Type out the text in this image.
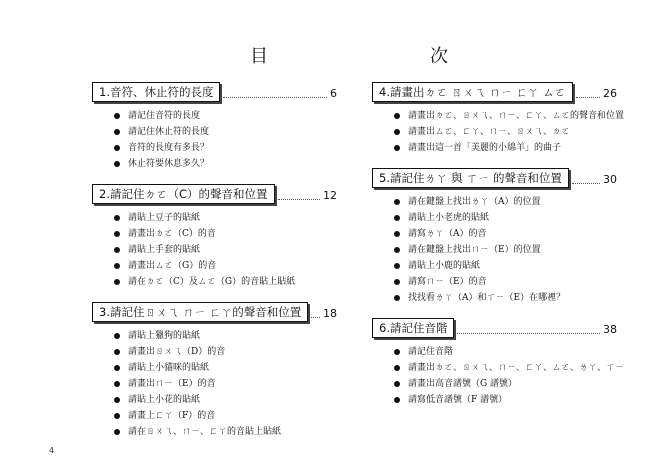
目	次
1.音符、休止符的長度	6
請記住音符的長度
請記住休止符的長度
音符的長度有多長？
休止符要休息多久？
2.請記住ㄉㄛ（C）的聲音和位置	12
請貼上豆子的貼紙
請畫出ㄉㄛ（C）的音
請貼上手套的貼紙
請畫出ㄙㄛ（G）的音
請在ㄉㄛ（C）及ㄙㄛ（G）的音貼上貼紙
3.請記住ㄖㄨㄟ ㄇㄧ ㄈㄚ的聲音和位置	18
請貼上獵狗的貼紙
請畫出ㄖㄨㄟ（D）的音
請貼上小貓咪的貼紙
請畫出ㄇㄧ（E）的音
請貼上小花的貼紙
請畫上ㄈㄚ（F）的音
請在ㄖㄨㄟ、ㄇㄧ、ㄈㄚ的音貼上貼紙
4.請畫出ㄉㄛ ㄖㄨㄟ ㄇㄧ ㄈㄚ ㄙㄛ	26
請畫出ㄉㄛ、ㄖㄨㄟ、ㄇㄧ、ㄈㄚ、ㄙㄛ的聲音和位置
請畫出ㄙㄛ、ㄈㄚ、ㄇㄧ、ㄖㄨㄟ、ㄉㄛ
請畫出這一首「美麗的小綿羊」的曲子
5.請記住ㄌㄚ 與 ㄒㄧ 的聲音和位置	30
請在鍵盤上找出ㄌㄚ（A）的位置
請貼上小老虎的貼紙
請寫ㄌㄚ（A）的音
請在鍵盤上找出ㄇㄧ（E）的位置
請貼上小鹿的貼紙
請寫ㄇㄧ（E）的音
找找看ㄌㄚ（A）和ㄒㄧ（E）在哪裡？
6.請記住音階	38
請記住音階
請畫出ㄉㄛ、ㄖㄨㄟ、ㄇㄧ、ㄈㄚ、ㄙㄛ、ㄌㄚ、ㄒㄧ
請畫出高音譜號（G 譜號）
請寫低音譜號（F 譜號）
4
